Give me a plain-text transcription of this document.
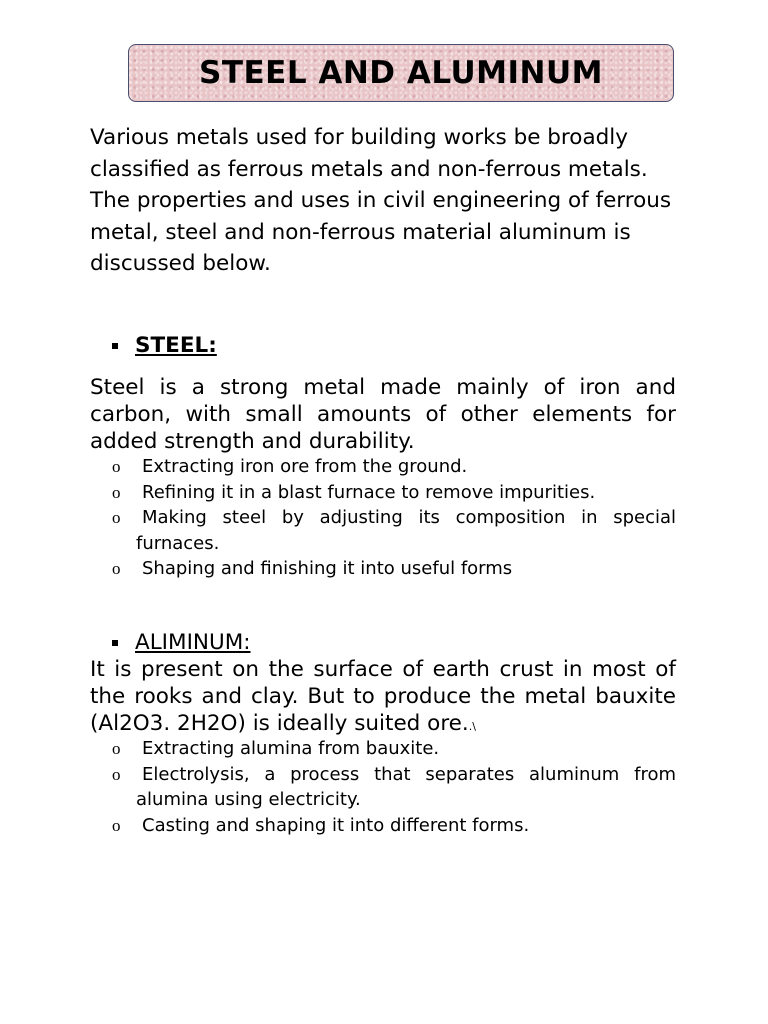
STEEL AND ALUMINUM

Various metals used for building works be broadly classified as ferrous metals and non-ferrous metals. The properties and uses in civil engineering of ferrous metal, steel and non-ferrous material aluminum is discussed below.

STEEL:

Steel is a strong metal made mainly of iron and carbon, with small amounts of other elements for added strength and durability.

o Extracting iron ore from the ground.
o Refining it in a blast furnace to remove impurities.
o Making steel by adjusting its composition in special furnaces.
o Shaping and finishing it into useful forms
ALIMINUM:

It is present on the surface of earth crust in most of the rooks and clay. But to produce the metal bauxite (Al2O3. 2H2O) is ideally suited ore..\

o Extracting alumina from bauxite.
o Electrolysis, a process that separates aluminum from alumina using electricity.
o Casting and shaping it into different forms.
